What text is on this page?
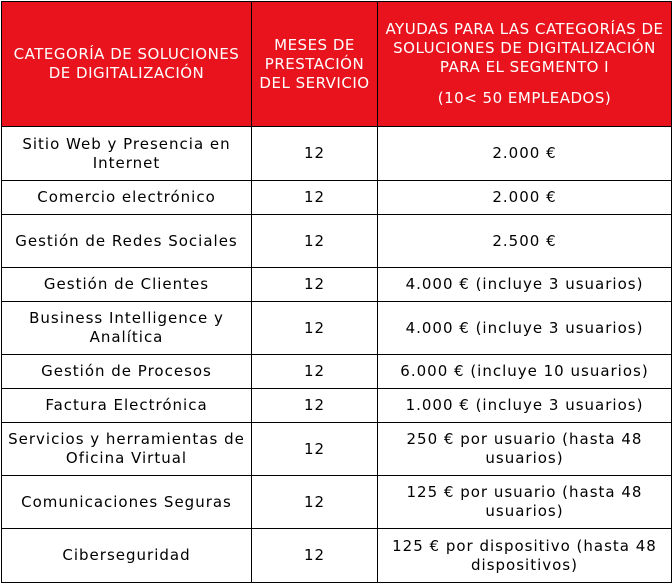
CATEGORÍA DE SOLUCIONES DE DIGITALIZACIÓN	MESES DE PRESTACIÓN DEL SERVICIO	AYUDAS PARA LAS CATEGORÍAS DE SOLUCIONES DE DIGITALIZACIÓN PARA EL SEGMENTO I
(10< 50 EMPLEADOS)

Sitio Web y Presencia en Internet	12	2.000 €
Comercio electrónico	12	2.000 €
Gestión de Redes Sociales	12	2.500 €
Gestión de Clientes	12	4.000 € (incluye 3 usuarios)
Business Intelligence y Analítica	12	4.000 € (incluye 3 usuarios)
Gestión de Procesos	12	6.000 € (incluye 10 usuarios)
Factura Electrónica	12	1.000 € (incluye 3 usuarios)
Servicios y herramientas de Oficina Virtual	12	250 € por usuario (hasta 48 usuarios)
Comunicaciones Seguras	12	125 € por usuario (hasta 48 usuarios)
Ciberseguridad	12	125 € por dispositivo (hasta 48 dispositivos)
